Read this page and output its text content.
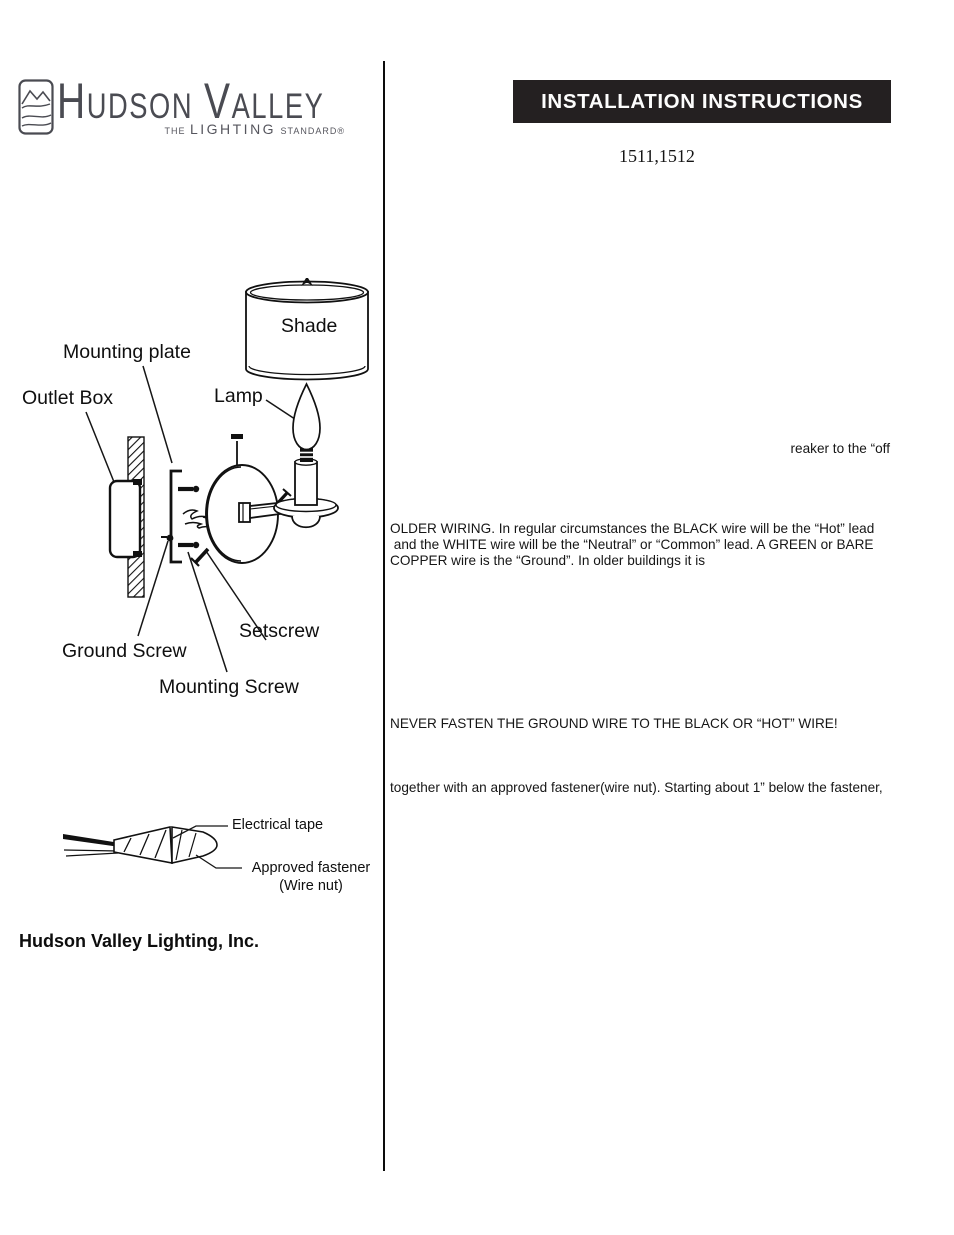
H UDSON V ALLEY
THE LIGHTING STANDARD®
INSTALLATION INSTRUCTIONS
1511,1512
Shade
Mounting plate
Outlet Box	Lamp
Setscrew
Ground Screw
Mounting Screw
Electrical tape
Approved fastener
(Wire nut)
reaker to the “off
OLDER WIRING. In regular circumstances the BLACK wire will be the “Hot” lead
and the WHITE wire will be the “Neutral” or “Common” lead. A GREEN or BARE
COPPER wire is the “Ground”. In older buildings it is
NEVER FASTEN THE GROUND WIRE TO THE BLACK OR “HOT” WIRE!
together with an approved fastener(wire nut). Starting about 1” below the fastener,
Hudson Valley Lighting, Inc.
